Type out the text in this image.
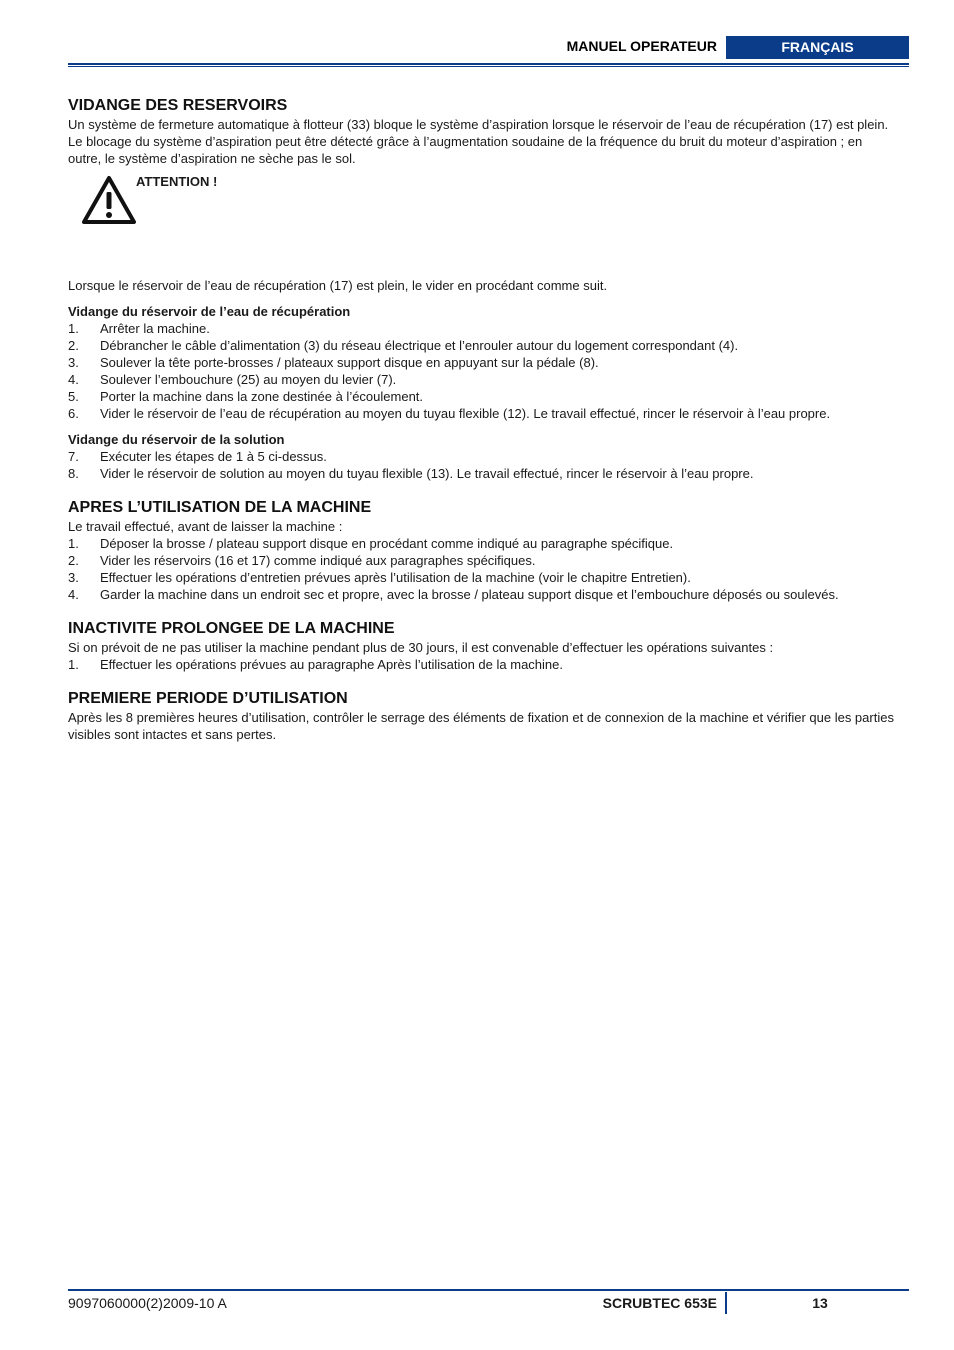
MANUEL OPERATEUR	FRANÇAIS
VIDANGE DES RESERVOIRS

Un système de fermeture automatique à flotteur (33) bloque le système d’aspiration lorsque le réservoir de l’eau de récupération (17) est plein.

Le blocage du système d’aspiration peut être détecté grâce à l’augmentation soudaine de la fréquence du bruit du moteur d’aspiration ; en outre, le système d’aspiration ne sèche pas le sol.

ATTENTION !

Lorsque le réservoir de l’eau de récupération (17) est plein, le vider en procédant comme suit.

Vidange du réservoir de l’eau de récupération
1.	Arrêter la machine.
2.	Débrancher le câble d’alimentation (3) du réseau électrique et l’enrouler autour du logement correspondant (4).
3.	Soulever la tête porte-brosses / plateaux support disque en appuyant sur la pédale (8).
4.	Soulever l’embouchure (25) au moyen du levier (7).
5.	Porter la machine dans la zone destinée à l’écoulement.
6.	Vider le réservoir de l’eau de récupération au moyen du tuyau flexible (12). Le travail effectué, rincer le réservoir à l’eau propre.
Vidange du réservoir de la solution
7.	Exécuter les étapes de 1 à 5 ci-dessus.
8.	Vider le réservoir de solution au moyen du tuyau flexible (13). Le travail effectué, rincer le réservoir à l’eau propre.
APRES L’UTILISATION DE LA MACHINE

Le travail effectué, avant de laisser la machine :

1.	Déposer la brosse / plateau support disque en procédant comme indiqué au paragraphe spécifique.
2.	Vider les réservoirs (16 et 17) comme indiqué aux paragraphes spécifiques.
3.	Effectuer les opérations d’entretien prévues après l’utilisation de la machine (voir le chapitre Entretien).
4.	Garder la machine dans un endroit sec et propre, avec la brosse / plateau support disque et l’embouchure déposés ou soulevés.
INACTIVITE PROLONGEE DE LA MACHINE

Si on prévoit de ne pas utiliser la machine pendant plus de 30 jours, il est convenable d’effectuer les opérations suivantes :

1.	Effectuer les opérations prévues au paragraphe Après l’utilisation de la machine.
PREMIERE PERIODE D’UTILISATION

Après les 8 premières heures d’utilisation, contrôler le serrage des éléments de fixation et de connexion de la machine et vérifier que les parties visibles sont intactes et sans pertes.

9097060000(2)2009-10 A	SCRUBTEC 653E	13
